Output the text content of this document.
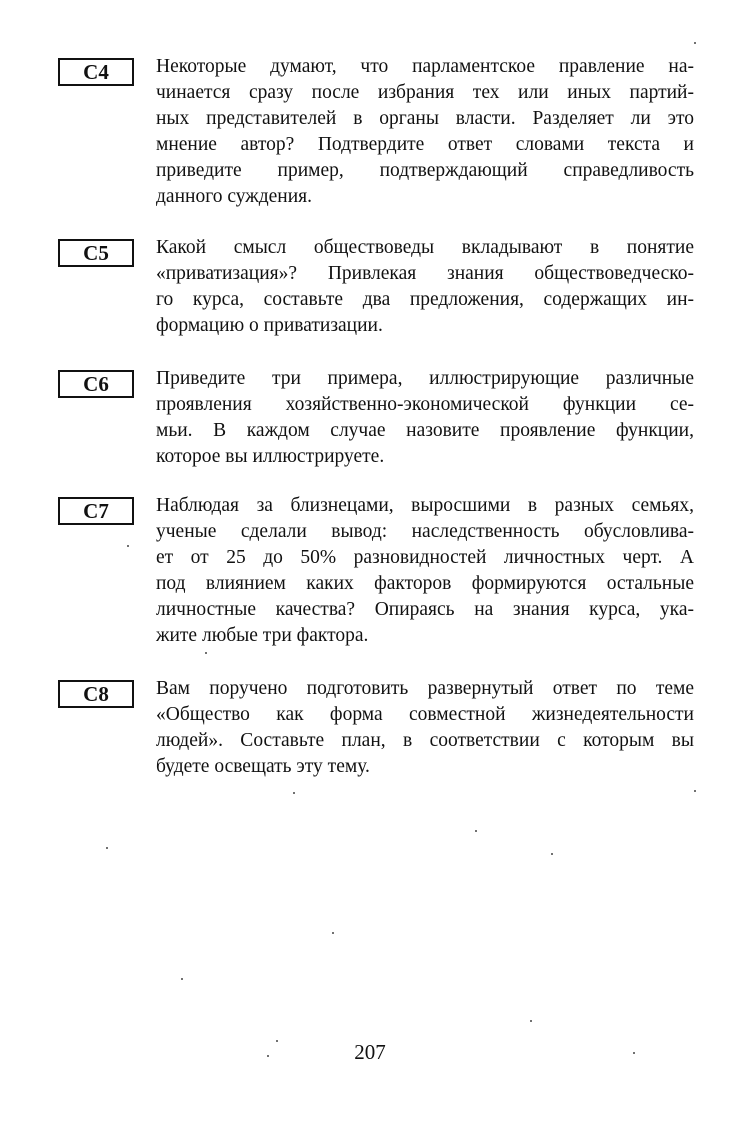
С4	Некоторые думают, что парламентское правление на-
чинается сразу после избрания тех или иных партий-
ных представителей в органы власти. Разделяет ли это
мнение автор? Подтвердите ответ словами текста и
приведите пример, подтверждающий справедливость
данного суждения.
С5	Какой смысл обществоведы вкладывают в понятие
«приватизация»? Привлекая знания обществоведческо-
го курса, составьте два предложения, содержащих ин-
формацию о приватизации.
С6	Приведите три примера, иллюстрирующие различные
проявления хозяйственно-экономической функции се-
мьи. В каждом случае назовите проявление функции,
которое вы иллюстрируете.
С7	Наблюдая за близнецами, выросшими в разных семьях,
ученые сделали вывод: наследственность обусловлива-
ет от 25 до 50% разновидностей личностных черт. А
под влиянием каких факторов формируются остальные
личностные качества? Опираясь на знания курса, ука-
жите любые три фактора.
С8	Вам поручено подготовить развернутый ответ по теме
«Общество как форма совместной жизнедеятельности
людей». Составьте план, в соответствии с которым вы
будете освещать эту тему.
207
